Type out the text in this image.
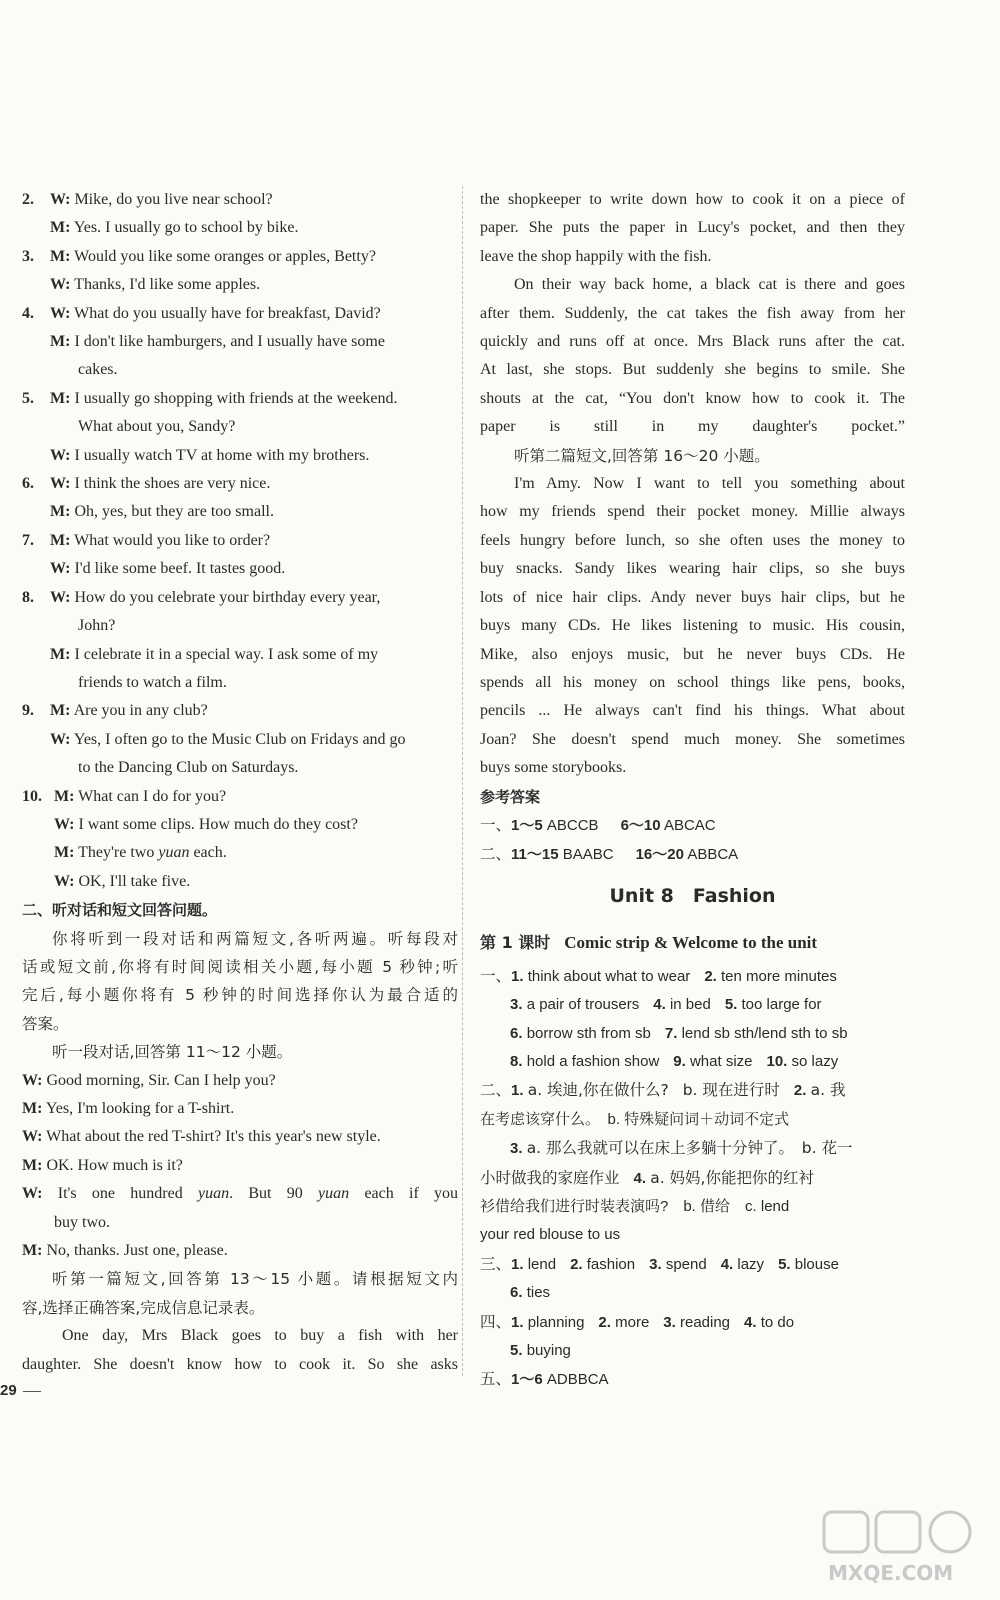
2. W: Mike, do you live near school?
M: Yes. I usually go to school by bike.
3. M: Would you like some oranges or apples, Betty?
W: Thanks, I'd like some apples.
4. W: What do you usually have for breakfast, David?
M: I don't like hamburgers, and I usually have some
cakes.
5. M: I usually go shopping with friends at the weekend.
What about you, Sandy?
W: I usually watch TV at home with my brothers.
6. W: I think the shoes are very nice.
M: Oh, yes, but they are too small.
7. M: What would you like to order?
W: I'd like some beef. It tastes good.
8. W: How do you celebrate your birthday every year,
John?
M: I celebrate it in a special way. I ask some of my
friends to watch a film.
9. M: Are you in any club?
W: Yes, I often go to the Music Club on Fridays and go
to the Dancing Club on Saturdays.
10. M: What can I do for you?
W: I want some clips. How much do they cost?
M: They're two yuan each.
W: OK, I'll take five.
二、听对话和短文回答问题。
你将听到一段对话和两篇短文,各听两遍。听每段对
话或短文前,你将有时间阅读相关小题,每小题 5 秒钟;听
完后,每小题你将有 5 秒钟的时间选择你认为最合适的
答案。
听一段对话,回答第 11～12 小题。
W: Good morning, Sir. Can I help you?
M: Yes, I'm looking for a T-shirt.
W: What about the red T-shirt? It's this year's new style.
M: OK. How much is it?
W: It's one hundred yuan. But 90 yuan each if you
buy two.
M: No, thanks. Just one, please.
听第一篇短文,回答第 13～15 小题。请根据短文内
容,选择正确答案,完成信息记录表。
One day, Mrs Black goes to buy a fish with her
daughter. She doesn't know how to cook it. So she asks
the shopkeeper to write down how to cook it on a piece of
paper. She puts the paper in Lucy's pocket, and then they
leave the shop happily with the fish.
On their way back home, a black cat is there and goes
after them. Suddenly, the cat takes the fish away from her
quickly and runs off at once. Mrs Black runs after the cat.
At last, she stops. But suddenly she begins to smile. She
shouts at the cat, “You don't know how to cook it. The
paper is still in my daughter's pocket.”
听第二篇短文,回答第 16～20 小题。
I'm Amy. Now I want to tell you something about
how my friends spend their pocket money. Millie always
feels hungry before lunch, so she often uses the money to
buy snacks. Sandy likes wearing hair clips, so she buys
lots of nice hair clips. Andy never buys hair clips, but he
buys many CDs. He likes listening to music. His cousin,
Mike, also enjoys music, but he never buys CDs. He
spends all his money on school things like pens, books,
pencils ... He always can't find his things. What about
Joan? She doesn't spend much money. She sometimes
buys some storybooks.
参考答案
一、1～5 ABCCB 6～10 ABCAC
二、11～15 BAABC 16～20 ABBCA
Unit 8　Fashion
第 1 课时 Comic strip & Welcome to the unit
一、1. think about what to wear 2. ten more minutes
3. a pair of trousers 4. in bed 5. too large for
6. borrow sth from sb 7. lend sb sth/lend sth to sb
8. hold a fashion show 9. what size 10. so lazy
二、1. a. 埃迪,你在做什么? b. 现在进行时 2. a. 我
在考虑该穿什么。　b. 特殊疑问词＋动词不定式
3. a. 那么我就可以在床上多躺十分钟了。　b. 花一
小时做我的家庭作业 4. a. 妈妈,你能把你的红衬
衫借给我们进行时装表演吗?　b. 借给　c. lend
your red blouse to us
三、1. lend 2. fashion 3. spend 4. lazy 5. blouse
6. ties
四、1. planning 2. more 3. reading 4. to do
5. buying
五、1～6 ADBBCA
29
MXQE.COM
